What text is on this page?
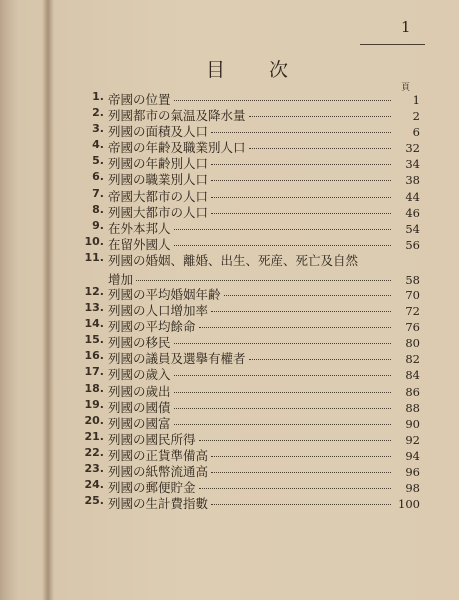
1
目 次
頁
1. 帝國の位置	1
2. 列國都市の氣温及降水量	2
3. 列國の面積及人口	6
4. 帝國の年齢及職業別人口	32
5. 列國の年齢別人口	34
6. 列國の職業別人口	38
7. 帝國大都市の人口	44
8. 列國大都市の人口	46
9. 在外本邦人	54
10. 在留外國人	56
11. 列國の婚姻、離婚、出生、死産、死亡及自然
增加	58
12. 列國の平均婚姻年齢	70
13. 列國の人口增加率	72
14. 列國の平均餘命	76
15. 列國の移民	80
16. 列國の議員及選擧有權者	82
17. 列國の歲入	84
18. 列國の歲出	86
19. 列國の國債	88
20. 列國の國富	90
21. 列國の國民所得	92
22. 列國の正貨準備高	94
23. 列國の紙幣流通高	96
24. 列國の郵便貯金	98
25. 列國の生計費指數	100
